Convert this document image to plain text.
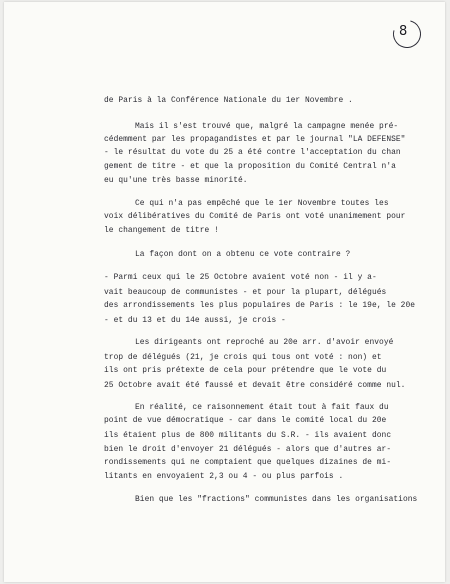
8
de Paris à la Conférence Nationale du 1er Novembre .
Mais il s'est trouvé que, malgré la campagne menée pré-
cédemment par les propagandistes et par le journal "LA DEFENSE"
- le résultat du vote du 25 a été contre l'acceptation du chan
gement de titre - et que la proposition du Comité Central n'a
eu qu'une très basse minorité.
Ce qui n'a pas empêché que le 1er Novembre toutes les
voix délibératives du Comité de Paris ont voté unanimement pour
le changement de titre !
La façon dont on a obtenu ce vote contraire ?
- Parmi ceux qui le 25 Octobre avaient voté non - il y a-
vait beaucoup de communistes - et pour la plupart, délégués
des arrondissements les plus populaires de Paris : le 19e, le 20e
- et du 13 et du 14e aussi, je crois -
Les dirigeants ont reproché au 20e arr. d'avoir envoyé
trop de délégués (21, je crois qui tous ont voté : non) et
ils ont pris prétexte de cela pour prétendre que le vote du
25 Octobre avait été faussé et devait être considéré comme nul.
En réalité, ce raisonnement était tout à fait faux du
point de vue démocratique - car dans le comité local du 20e
ils étaient plus de 800 militants du S.R. - ils avaient donc
bien le droit d'envoyer 21 délégués - alors que d'autres ar-
rondissements qui ne comptaient que quelques dizaines de mi-
litants en envoyaient 2,3 ou 4 - ou plus parfois .
Bien que les "fractions" communistes dans les organisations
